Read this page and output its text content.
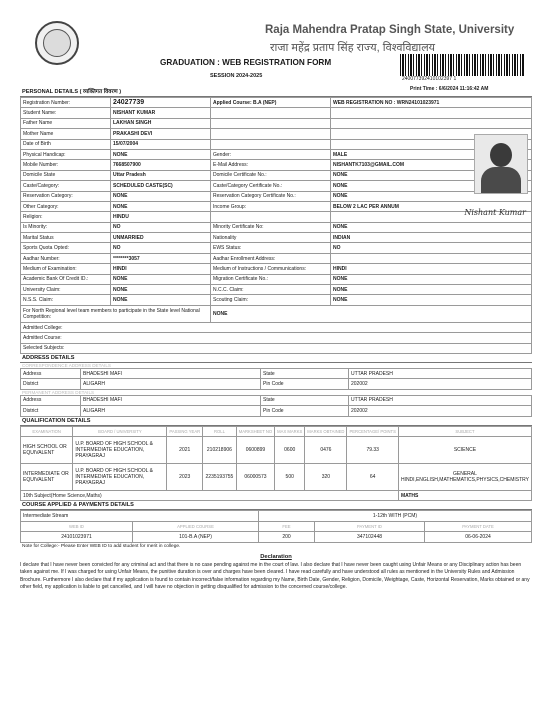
Raja Mahendra Pratap Singh State, University
राजा महेंद्र प्रताप सिंह राज्य, विश्वविद्यालय
GRADUATION : WEB REGISTRATION FORM
SESSION 2024-2025	240077392410102397 1
Print Time : 6/6/2024 11:16:42 AM
PERSONAL DETAILS ( व्यक्तिगत विवरण )
Registration Number:	24027739	Applied Course: B.A (NEP)	WEB REGISTRATION NO : WRN24101023971
Student Name:	NISHANT KUMAR		
Father Name	LAKHAN SINGH		
Mother Name	PRAKASHI DEVI		
Date of Birth	15/07/2004		
Physical Handicap:	NONE	Gender:	MALE
Mobile Number:	7668507900	E-Mail Address:	NISHANTK7103@GMAIL.COM
Domicile State	Uttar Pradesh	Domicile Certificate No.:	NONE
Caste/Category:	SCHEDULED CASTE(SC)	Caste/Category Certificate No.:	NONE
Reservation Category:	NONE	Reservation Category Certificate No.:	NONE
Other Category:	NONE	Income Group:	BELOW 2 LAC PER ANNUM
Religion:	HINDU		
Is Minority:	NO	Minority Certificate No:	NONE
Marital Status	UNMARRIED	Nationality	INDIAN
Sports Quota Opted:	NO	EWS Status:	NO
Aadhar Number:	********3057	Aadhar Enrollment Address:	
Medium of Examination:	HINDI	Medium of Instructions / Communications:	HINDI
Academic Bank Of Credit ID.:	NONE	Migration Certificate No.:	NONE
University Claim:	NONE	N.C.C. Claim:	NONE
N.S.S. Claim:	NONE	Scouting Claim:	NONE
For North Regional level team members to participate in the State level National Competition:		NONE	
Admitted College:			
Admitted Course:			
Selected Subjects:			
ADDRESS DETAILS
CORRESPONDENCE ADDRESS DETAILS
Address	BHADESHI MAFI	State	UTTAR PRADESH
District	ALIGARH	Pin Code	202002
PERMANENT ADDRESS DETAILS
Address	BHADESHI MAFI	State	UTTAR PRADESH
District	ALIGARH	Pin Code	202002
QUALIFICATION DETAILS
EXAMINATION	BOARD / UNIVERSITY	PASSING YEAR	ROLL	MARKSHEET NO	MAX MARKS	MARKS OBTAINED	PERCENTAGE/ POINTS	SUBJECT
HIGH SCHOOL OR EQUIVALENT	U.P. BOARD OF HIGH SCHOOL & INTERMEDIATE EDUCATION, PRAYAGRAJ	2021	210218906	0600899	0600	0476	79.33	SCIENCE
INTERMEDIATE OR EQUIVALENT	U.P. BOARD OF HIGH SCHOOL & INTERMEDIATE EDUCATION, PRAYAGRAJ	2023	2235193755	06000573	500	320	64	GENERAL HINDI,ENGLISH,MATHEMATICS,PHYSICS,CHEMISTRY
10th Subject(Home Science,Maths)								MATHS
COURSE APPLIED & PAYMENTS DETAILS
Intermediate Stream		1-12th WITH (PCM)		
WEB ID	APPLIED COURSE	FEE	PAYMENT ID	PAYMENT DATE
24101023971	101-B.A (NEP)	200	347102448	06-06-2024
Note for College:- Please Enter WEB ID to add student for merit in college.
Declaration
I declare that I have never been convicted for any criminal act and that there is no case pending against me in the court of law. I also declare that I have never been caught using Unfair Means or any Disciplinary action has been taken against me. If I was charged for using Unfair Means, the punitive duration is over and charges have been cleared. I have read carefully and have understood all rules as mentioned in the University Rules and Admission Brochure. Furthermore I also declare that if my application is found to contain incorrect/false information regarding my Name, Birth Date, Gender, Religion, Domicile, Weightage, Caste, Horizontal Reservation, Marks obtained or any other field, my application is liable to get cancelled, and I will have no objection in getting disqualified for admission to the concerned course/college.
Nishant Kumar
